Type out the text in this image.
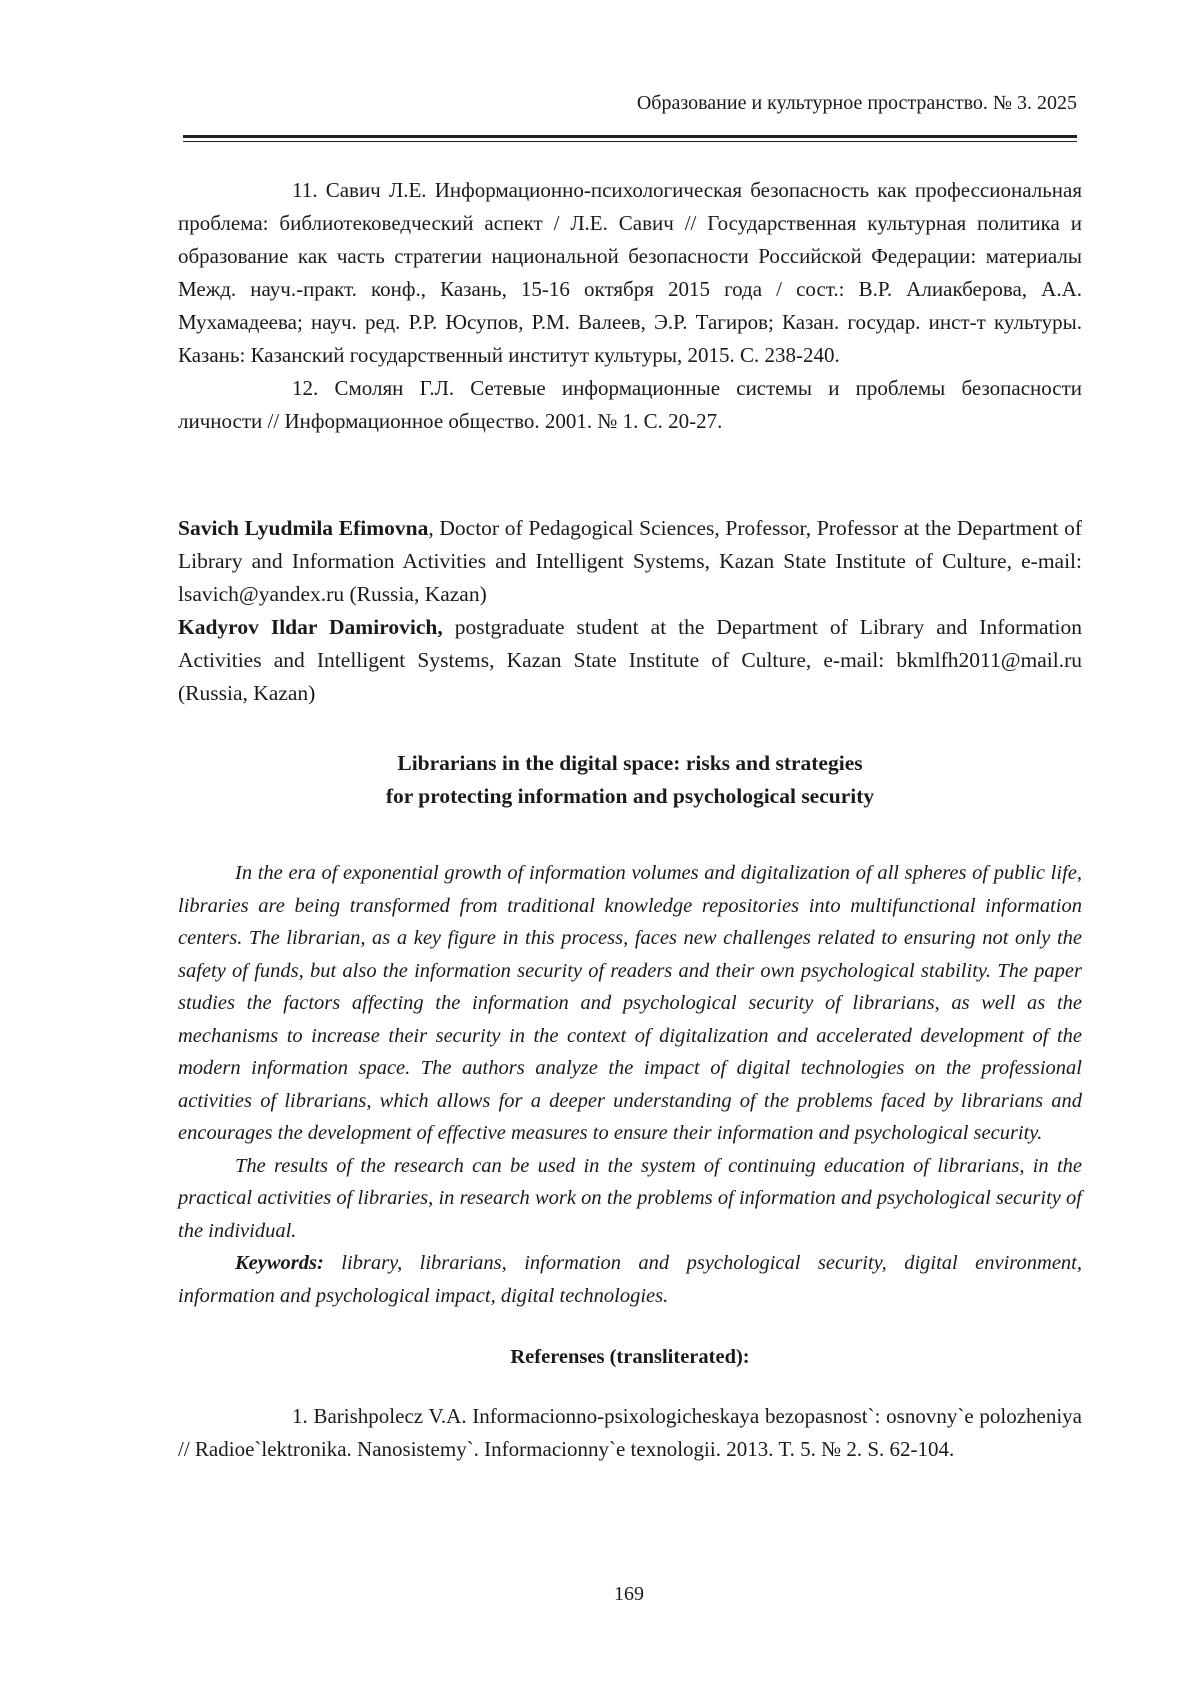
Образование и культурное пространство. № 3. 2025

11. Савич Л.Е. Информационно-психологическая безопасность как профессиональная проблема: библиотековедческий аспект / Л.Е. Савич // Государственная культурная политика и образование как часть стратегии национальной безопасности Российской Федерации: материалы Межд. науч.-практ. конф., Казань, 15-16 октября 2015 года / сост.: В.Р. Алиакберова, А.А. Мухамадеева; науч. ред. Р.Р. Юсупов, Р.М. Валеев, Э.Р. Тагиров; Казан. государ. инст-т культуры. Казань: Казанский государственный институт культуры, 2015. С. 238-240.

12. Смолян Г.Л. Сетевые информационные системы и проблемы безопасности личности // Информационное общество. 2001. № 1. С. 20-27.

Savich Lyudmila Efimovna, Doctor of Pedagogical Sciences, Professor, Professor at the Department of Library and Information Activities and Intelligent Systems, Kazan State Institute of Culture, e-mail: lsavich@yandex.ru (Russia, Kazan)

Kadyrov Ildar Damirovich, postgraduate student at the Department of Library and Information Activities and Intelligent Systems, Kazan State Institute of Culture, e-mail: bkmlfh2011@mail.ru (Russia, Kazan)

Librarians in the digital space: risks and strategies
for protecting information and psychological security

In the era of exponential growth of information volumes and digitalization of all spheres of public life, libraries are being transformed from traditional knowledge repositories into multifunctional information centers. The librarian, as a key figure in this process, faces new challenges related to ensuring not only the safety of funds, but also the information security of readers and their own psychological stability. The paper studies the factors affecting the information and psychological security of librarians, as well as the mechanisms to increase their security in the context of digitalization and accelerated development of the modern information space. The authors analyze the impact of digital technologies on the professional activities of librarians, which allows for a deeper understanding of the problems faced by librarians and encourages the development of effective measures to ensure their information and psychological security.

The results of the research can be used in the system of continuing education of librarians, in the practical activities of libraries, in research work on the problems of information and psychological security of the individual.

Keywords: library, librarians, information and psychological security, digital environment, information and psychological impact, digital technologies.

Referenses (transliterated):

1. Barishpolecz V.A. Informacionno-psixologicheskaya bezopasnost`: osnovny`e polozheniya // Radioe`lektronika. Nanosistemy`. Informacionny`e texnologii. 2013. T. 5. № 2. S. 62-104.

169
